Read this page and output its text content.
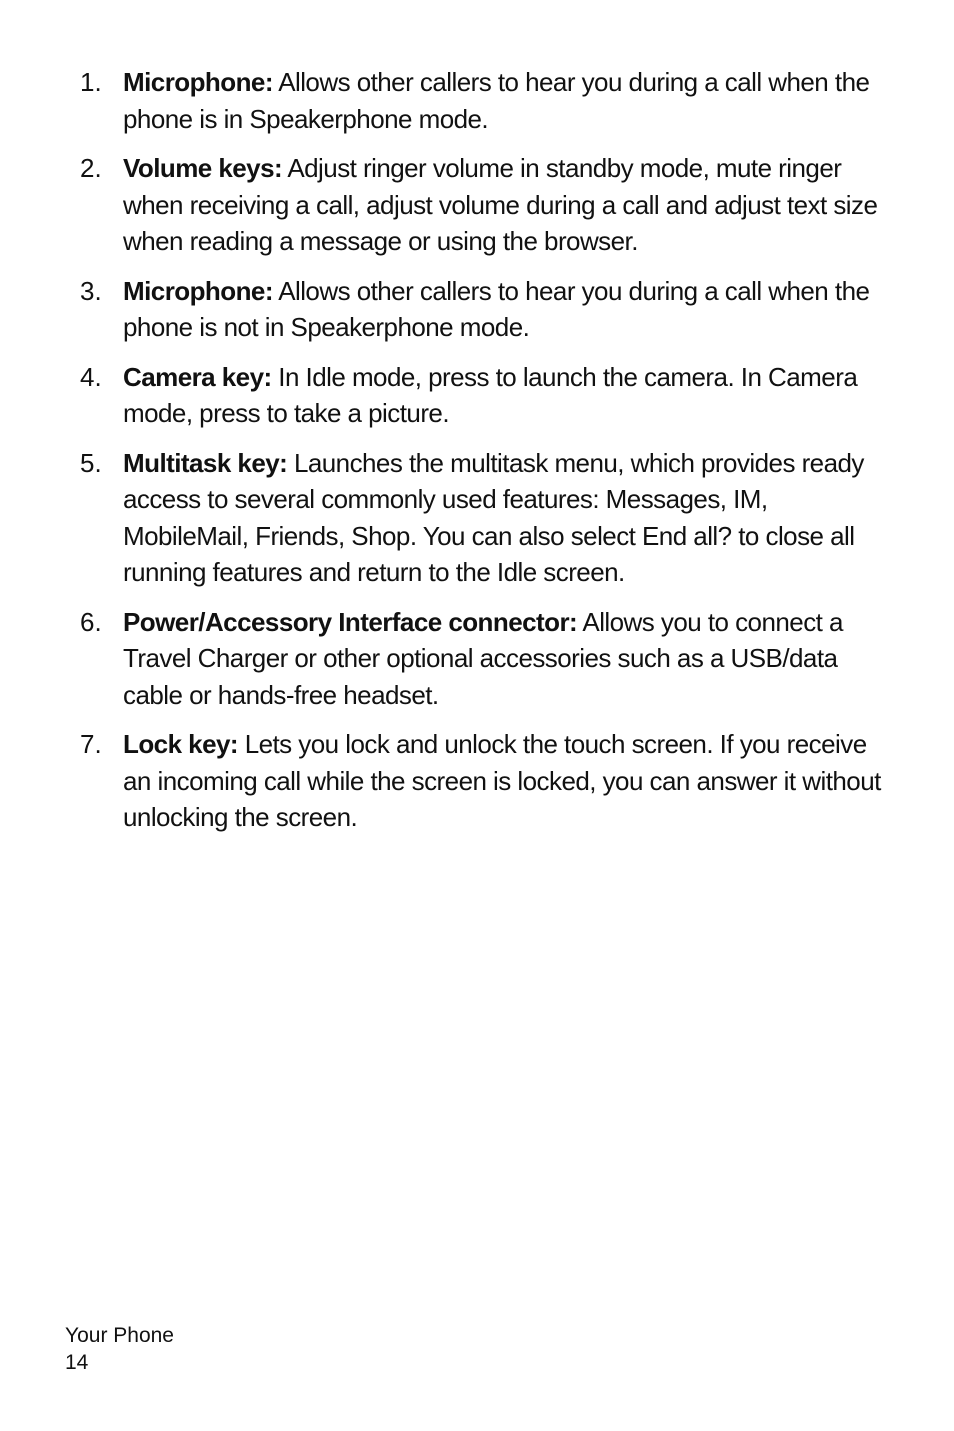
1. Microphone: Allows other callers to hear you during a call when the phone is in Speakerphone mode.
2. Volume keys: Adjust ringer volume in standby mode, mute ringer when receiving a call, adjust volume during a call and adjust text size when reading a message or using the browser.
3. Microphone: Allows other callers to hear you during a call when the phone is not in Speakerphone mode.
4. Camera key: In Idle mode, press to launch the camera. In Camera mode, press to take a picture.
5. Multitask key: Launches the multitask menu, which provides ready access to several commonly used features: Messages, IM, MobileMail, Friends, Shop. You can also select End all? to close all running features and return to the Idle screen.
6. Power/Accessory Interface connector: Allows you to connect a Travel Charger or other optional accessories such as a USB/data cable or hands-free headset.
7. Lock key: Lets you lock and unlock the touch screen. If you receive an incoming call while the screen is locked, you can answer it without unlocking the screen.
Your Phone
14
